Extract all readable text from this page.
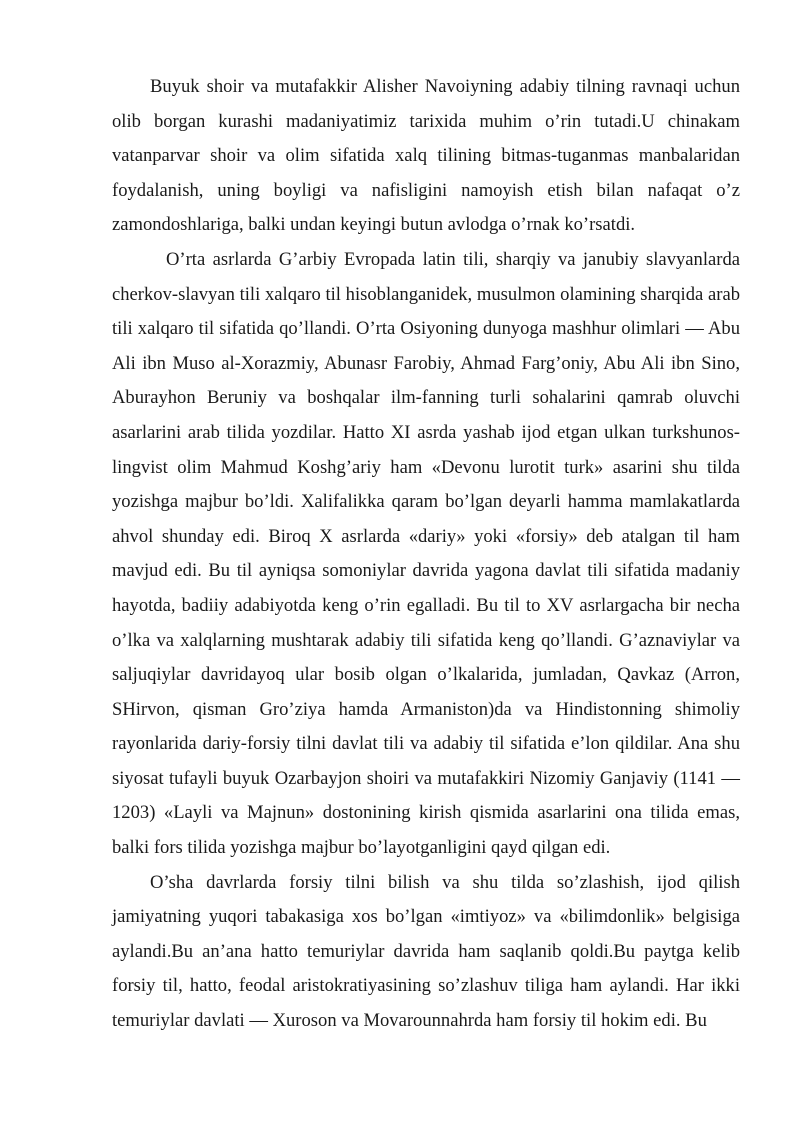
Buyuk shoir va mutafakkir Alisher Navoiyning adabiy tilning ravnaqi uchun olib borgan kurashi madaniyatimiz tarixida muhim o’rin tutadi.U chinakam vatanparvar shoir va olim sifatida xalq tilining bitmas-tuganmas manbalaridan foydalanish, uning boyligi va nafisligini namoyish etish bilan nafaqat o’z zamondoshlariga, balki undan keyingi butun avlodga o’rnak ko’rsatdi.

O’rta asrlarda G’arbiy Evropada latin tili, sharqiy va janubiy slavyanlarda cherkov-slavyan tili xalqaro til hisoblanganidek, musulmon olamining sharqida arab tili xalqaro til sifatida qo’llandi. O’rta Osiyoning dunyoga mashhur olimlari — Abu Ali ibn Muso al-Xorazmiy, Abunasr Farobiy, Ahmad Farg’oniy, Abu Ali ibn Sino, Aburayhon Beruniy va boshqalar ilm-fanning turli sohalarini qamrab oluvchi asarlarini arab tilida yozdilar. Hatto XI asrda yashab ijod etgan ulkan turkshunos-lingvist olim Mahmud Koshg’ariy ham «Devonu lurotit turk» asarini shu tilda yozishga majbur bo’ldi. Xalifalikka qaram bo’lgan deyarli hamma mamlakatlarda ahvol shunday edi. Biroq X asrlarda «dariy» yoki «forsiy» deb atalgan til ham mavjud edi. Bu til ayniqsa somoniylar davrida yagona davlat tili sifatida madaniy hayotda, badiiy adabiyotda keng o’rin egalladi. Bu til to XV asrlargacha bir necha o’lka va xalqlarning mushtarak adabiy tili sifatida keng qo’llandi. G’aznaviylar va saljuqiylar davridayoq ular bosib olgan o’lkalarida, jumladan, Qavkaz (Arron, SHirvon, qisman Gro’ziya hamda Armaniston)da va Hindistonning shimoliy rayonlarida dariy-forsiy tilni davlat tili va adabiy til sifatida e’lon qildilar. Ana shu siyosat tufayli buyuk Ozarbayjon shoiri va mutafakkiri Nizomiy Ganjaviy (1141 —1203) «Layli va Majnun» dostonining kirish qismida asarlarini ona tilida emas, balki fors tilida yozishga majbur bo’layotganligini qayd qilgan edi.

O’sha davrlarda forsiy tilni bilish va shu tilda so’zlashish, ijod qilish jamiyatning yuqori tabakasiga xos bo’lgan «imtiyoz» va «bilimdonlik» belgisiga aylandi.Bu an’ana hatto temuriylar davrida ham saqlanib qoldi.Bu paytga kelib forsiy til, hatto, feodal aristokratiyasining so’zlashuv tiliga ham aylandi. Har ikki temuriylar davlati — Xuroson va Movarounnahrda ham forsiy til hokim edi. Bu
